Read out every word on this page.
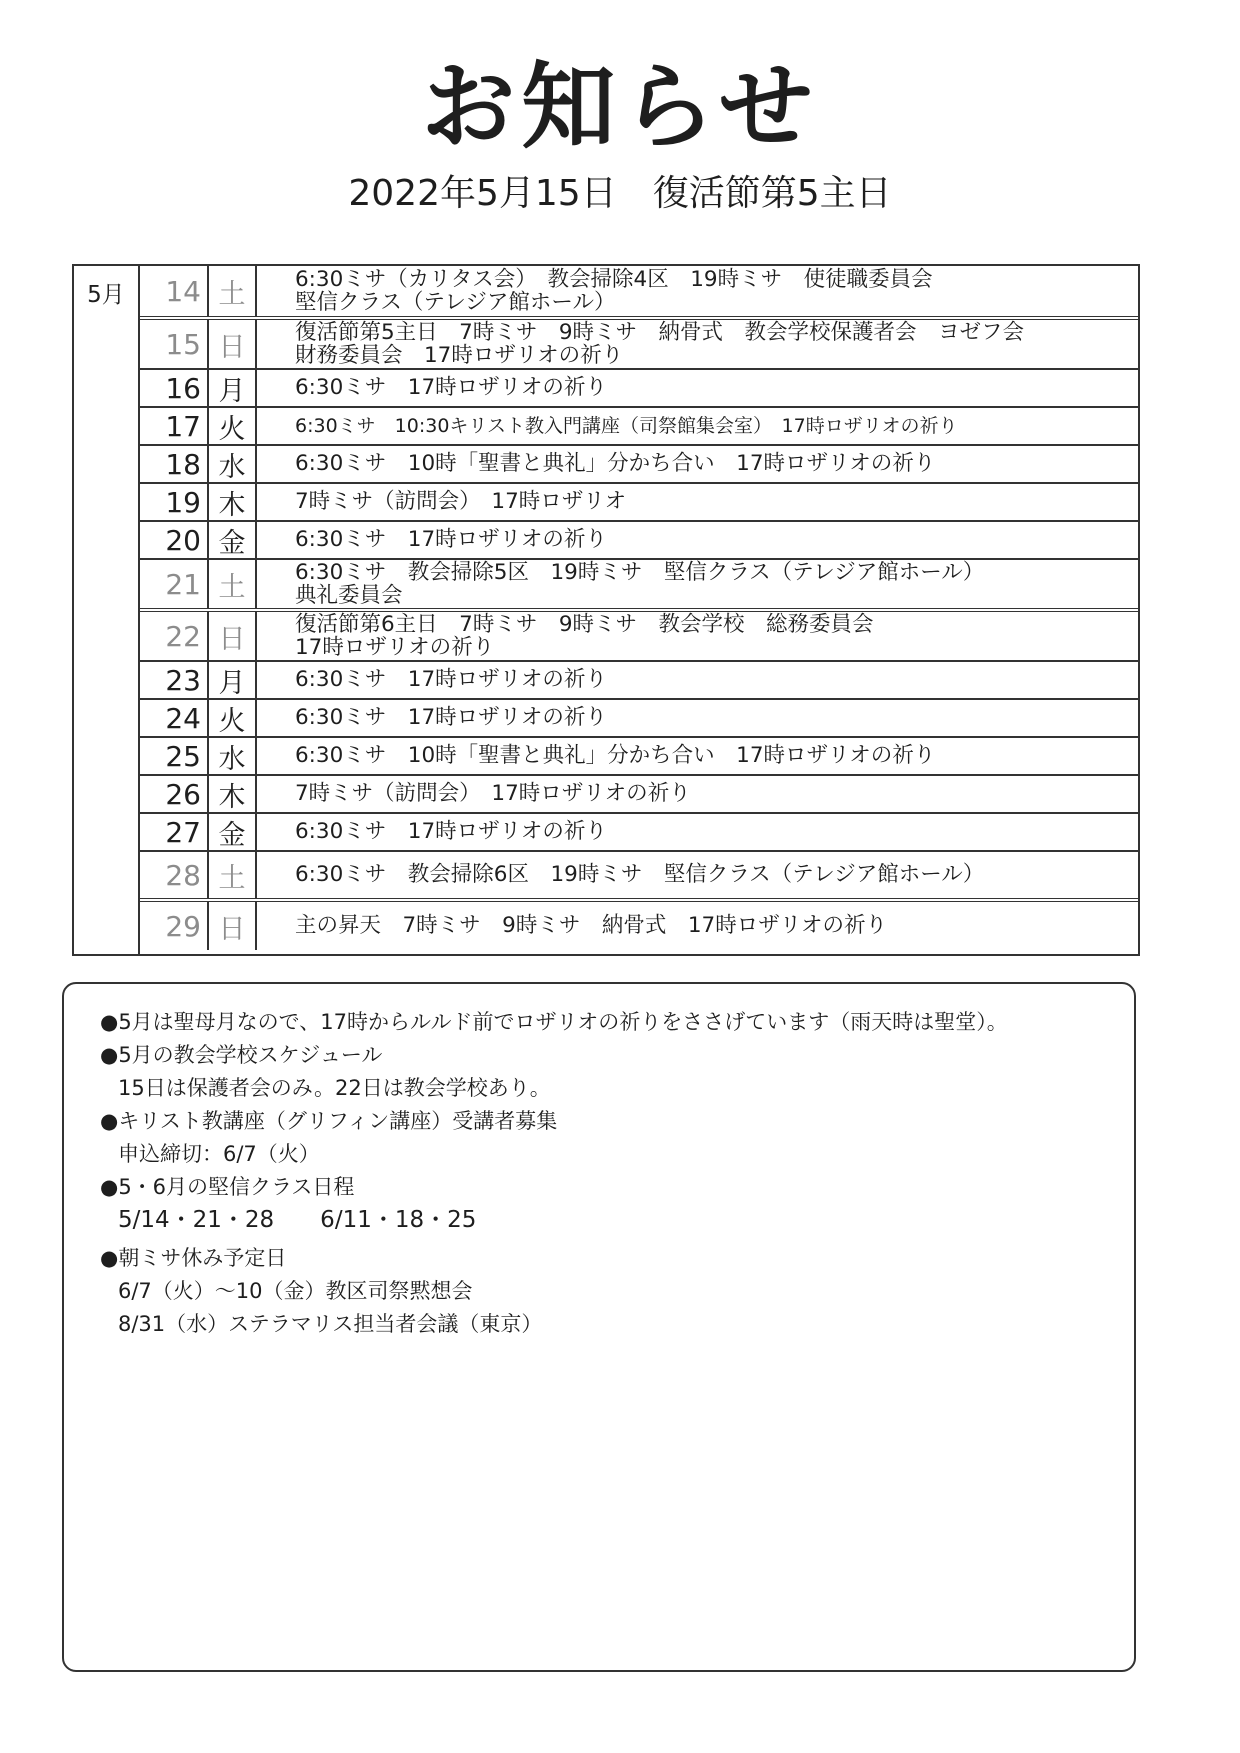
お知らせ
2022年5月15日　復活節第5主日
5月	14 土	6:30ミサ（カリタス会）　教会掃除4区　19時ミサ　使徒職委員会
堅信クラス（テレジア館ホール）
15 日	復活節第5主日　7時ミサ　9時ミサ　納骨式　教会学校保護者会　ヨゼフ会
財務委員会　17時ロザリオの祈り
16 月	6:30ミサ　17時ロザリオの祈り
17 火	6:30ミサ　10:30キリスト教入門講座（司祭館集会室）　17時ロザリオの祈り
18 水	6:30ミサ　10時「聖書と典礼」分かち合い　17時ロザリオの祈り
19 木	7時ミサ（訪問会）　17時ロザリオ
20 金	6:30ミサ　17時ロザリオの祈り
21 土	6:30ミサ　教会掃除5区　19時ミサ　堅信クラス（テレジア館ホール）
典礼委員会
22 日	復活節第6主日　7時ミサ　9時ミサ　教会学校　総務委員会
17時ロザリオの祈り
23 月	6:30ミサ　17時ロザリオの祈り
24 火	6:30ミサ　17時ロザリオの祈り
25 水	6:30ミサ　10時「聖書と典礼」分かち合い　17時ロザリオの祈り
26 木	7時ミサ（訪問会）　17時ロザリオの祈り
27 金	6:30ミサ　17時ロザリオの祈り
28 土	6:30ミサ　教会掃除6区　19時ミサ　堅信クラス（テレジア館ホール）
29 日	主の昇天　7時ミサ　9時ミサ　納骨式　17時ロザリオの祈り
●5月は聖母月なので、17時からルルド前でロザリオの祈りをささげています（雨天時は聖堂）。
●5月の教会学校スケジュール
15日は保護者会のみ。22日は教会学校あり。
●キリスト教講座（グリフィン講座）受講者募集
申込締切：6/7（火）
●5・6月の堅信クラス日程
5/14・21・28　　6/11・18・25
●朝ミサ休み予定日
6/7（火）～10（金）教区司祭黙想会
8/31（水）ステラマリス担当者会議（東京）
